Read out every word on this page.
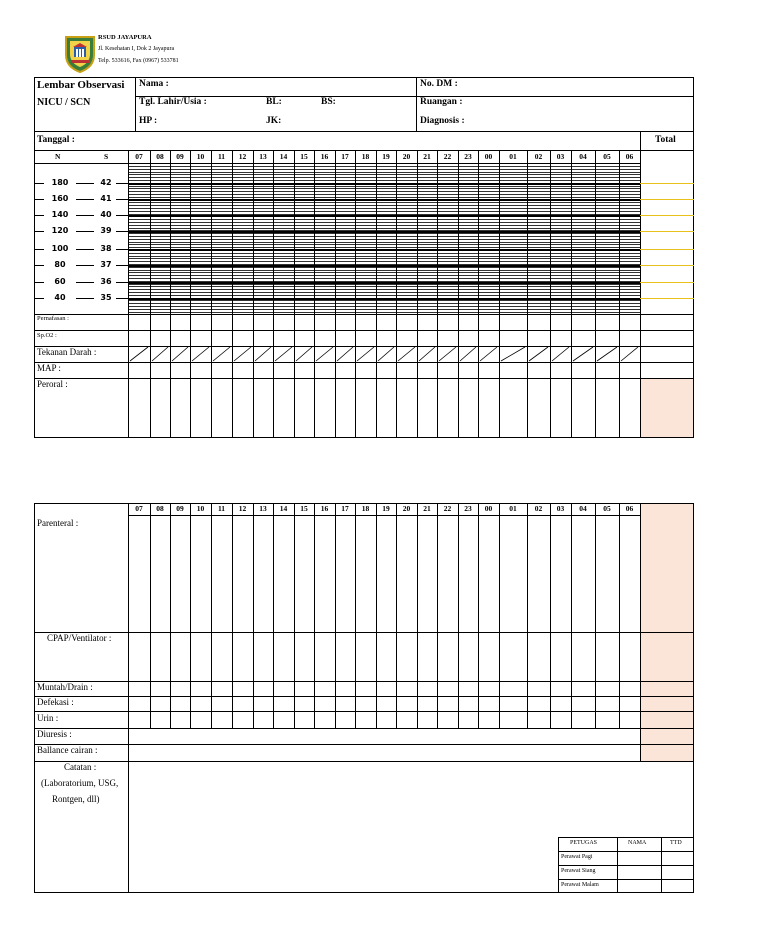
RSUD JAYAPURA
Jl. Kesehatan I, Dok 2 Jayapura
Telp. 533616, Fax (0967) 533781
Lembar Observasi
NICU / SCN
Nama :
Tgl. Lahir/Usia :	BL:	BS:
HP :	JK:
No. DM :
Ruangan :
Diagnosis :
Tanggal :	Total
N	S	07	08	09	10	11	12	13	14	15	16	17	18	19	20	21	22	23	00	01	02	03	04	05	06
180	42
160	41
140	40
120	39
100	38
80	37
60	36
40	35
Pernafasan :
Sp.O2 :
Tekanan Darah :
MAP :
Peroral :
07	08	09	10	11	12	13	14	15	16	17	18	19	20	21	22	23	00	01	02	03	04	05	06
Parenteral :
CPAP/Ventilator :
Muntah/Drain :
Defekasi :
Urin :
Diuresis :
Ballance cairan :
Catatan :
(Laboratorium, USG,
Rontgen, dll)
PETUGAS	NAMA	TTD
Perawat Pagi
Perawat Siang
Perawat Malam
